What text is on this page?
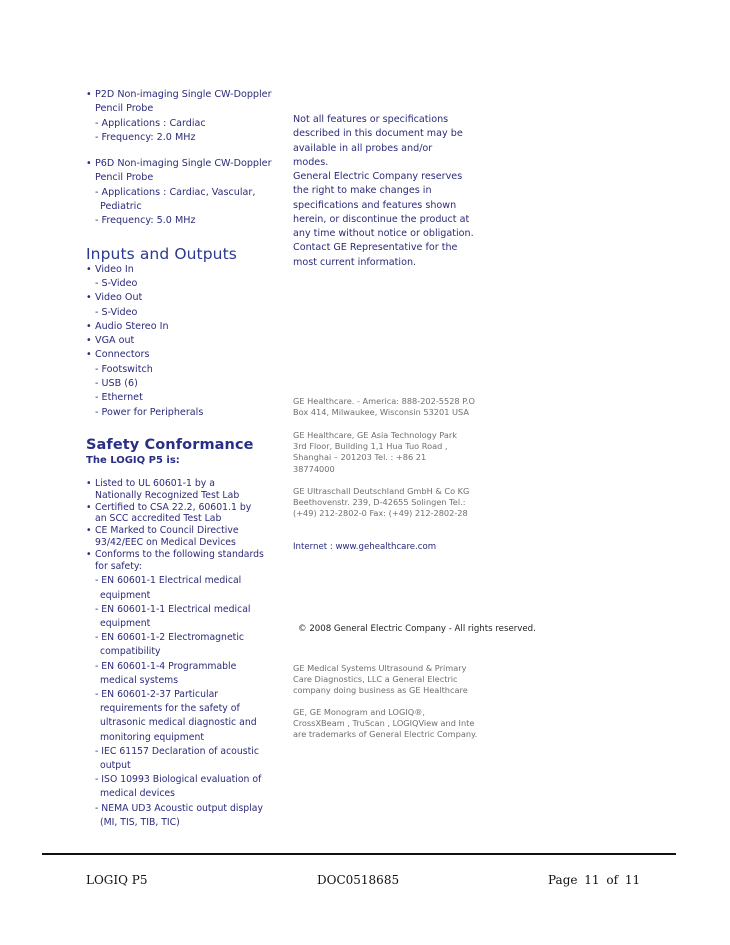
• P2D Non-imaging Single CW-Doppler
Pencil Probe
- Applications : Cardiac
- Frequency: 2.0 MHz
• P6D Non-imaging Single CW-Doppler
Pencil Probe
- Applications : Cardiac, Vascular,
Pediatric
- Frequency: 5.0 MHz
Inputs and Outputs
• Video In
- S-Video
• Video Out
- S-Video
• Audio Stereo In
• VGA out
• Connectors
- Footswitch
- USB (6)
- Ethernet
- Power for Peripherals
Safety Conformance
The LOGIQ P5 is:
• Listed to UL 60601-1 by a Nationally Recognized Test Lab
• Certified to CSA 22.2, 60601.1 by an SCC accredited Test Lab
• CE Marked to Council Directive 93/42/EEC on Medical Devices
• Conforms to the following standards for safety:
- EN 60601-1 Electrical medical equipment
- EN 60601-1-1 Electrical medical equipment
- EN 60601-1-2 Electromagnetic compatibility
- EN 60601-1-4 Programmable medical systems
- EN 60601-2-37 Particular requirements for the safety of ultrasonic medical diagnostic and monitoring equipment
- IEC 61157 Declaration of acoustic output
- ISO 10993 Biological evaluation of medical devices
- NEMA UD3 Acoustic output display (MI, TIS, TIB, TIC)
Not all features or specifications described in this document may be available in all probes and/or modes.
General Electric Company reserves the right to make changes in specifications and features shown herein, or discontinue the product at any time without notice or obligation. Contact GE Representative for the most current information.
GE Healthcare. - America: 888-202-5528 P.O Box 414, Milwaukee, Wisconsin 53201 USA
GE Healthcare, GE Asia Technology Park 3rd Floor, Building 1,1 Hua Tuo Road , Shanghai – 201203 Tel. : +86 21 38774000
GE Ultraschall Deutschland GmbH & Co KG Beethovenstr. 239, D-42655 Solingen Tel.: (+49) 212-2802-0 Fax: (+49) 212-2802-28
Internet : www.gehealthcare.com
© 2008 General Electric Company - All rights reserved.
GE Medical Systems Ultrasound & Primary Care Diagnostics, LLC a General Electric company doing business as GE Healthcare
GE, GE Monogram and LOGIQ®, CrossXBeam , TruScan , LOGIQView and Inte are trademarks of General Electric Company.
LOGIQ P5	DOC0518685	Page 11 of 11
